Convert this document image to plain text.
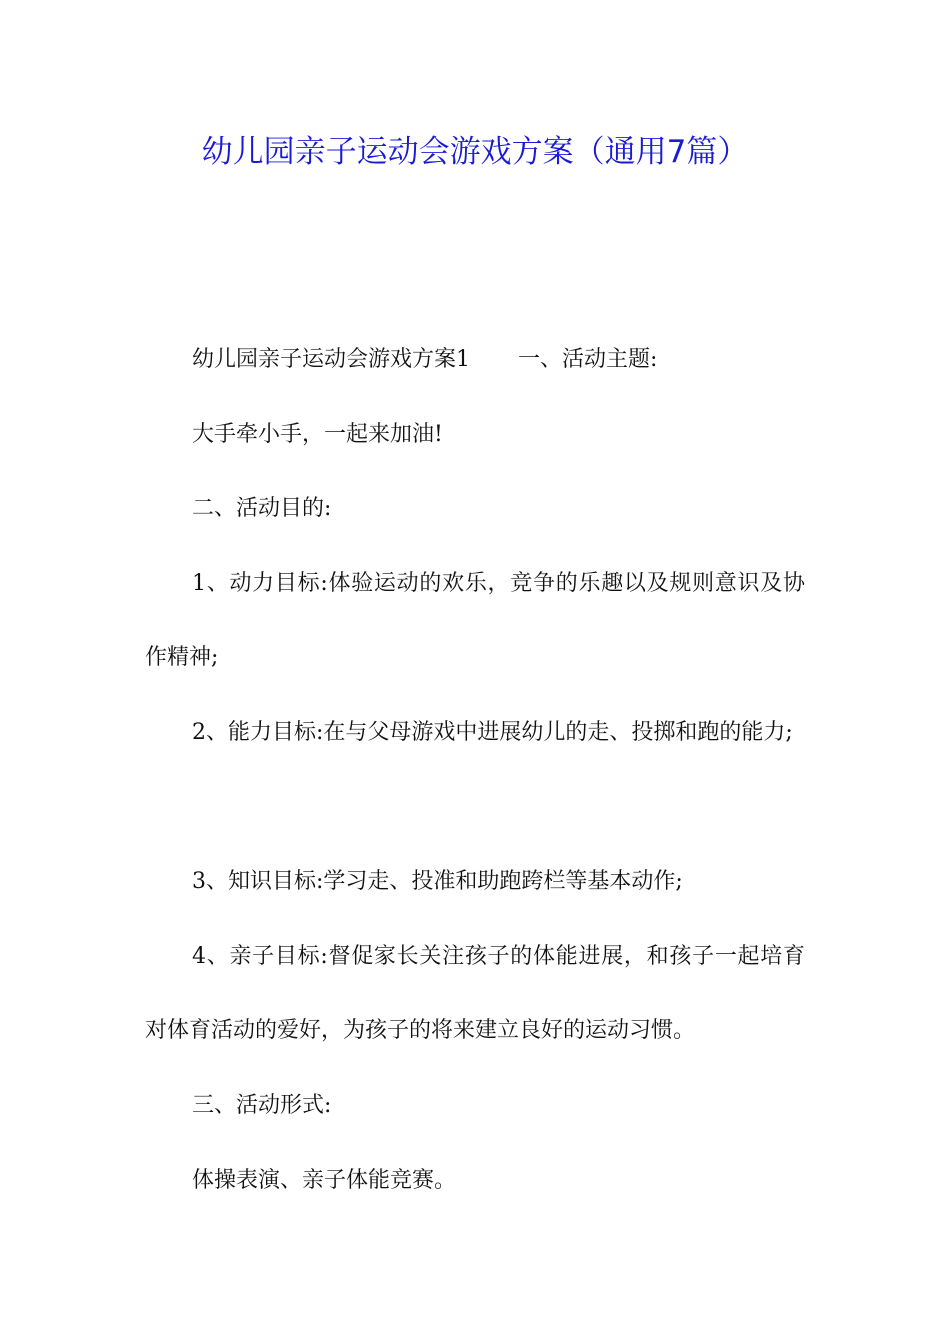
幼儿园亲子运动会游戏方案（通用7篇）

幼儿园亲子运动会游戏方案1 一、活动主题:

大手牵小手，一起来加油!

二、活动目的:

1、动力目标:体验运动的欢乐，竞争的乐趣以及规则意识及协作精神;

2、能力目标:在与父母游戏中进展幼儿的走、投掷和跑的能力;

3、知识目标:学习走、投准和助跑跨栏等基本动作;

4、亲子目标:督促家长关注孩子的体能进展，和孩子一起培育对体育活动的爱好，为孩子的将来建立良好的运动习惯。

三、活动形式:

体操表演、亲子体能竞赛。
